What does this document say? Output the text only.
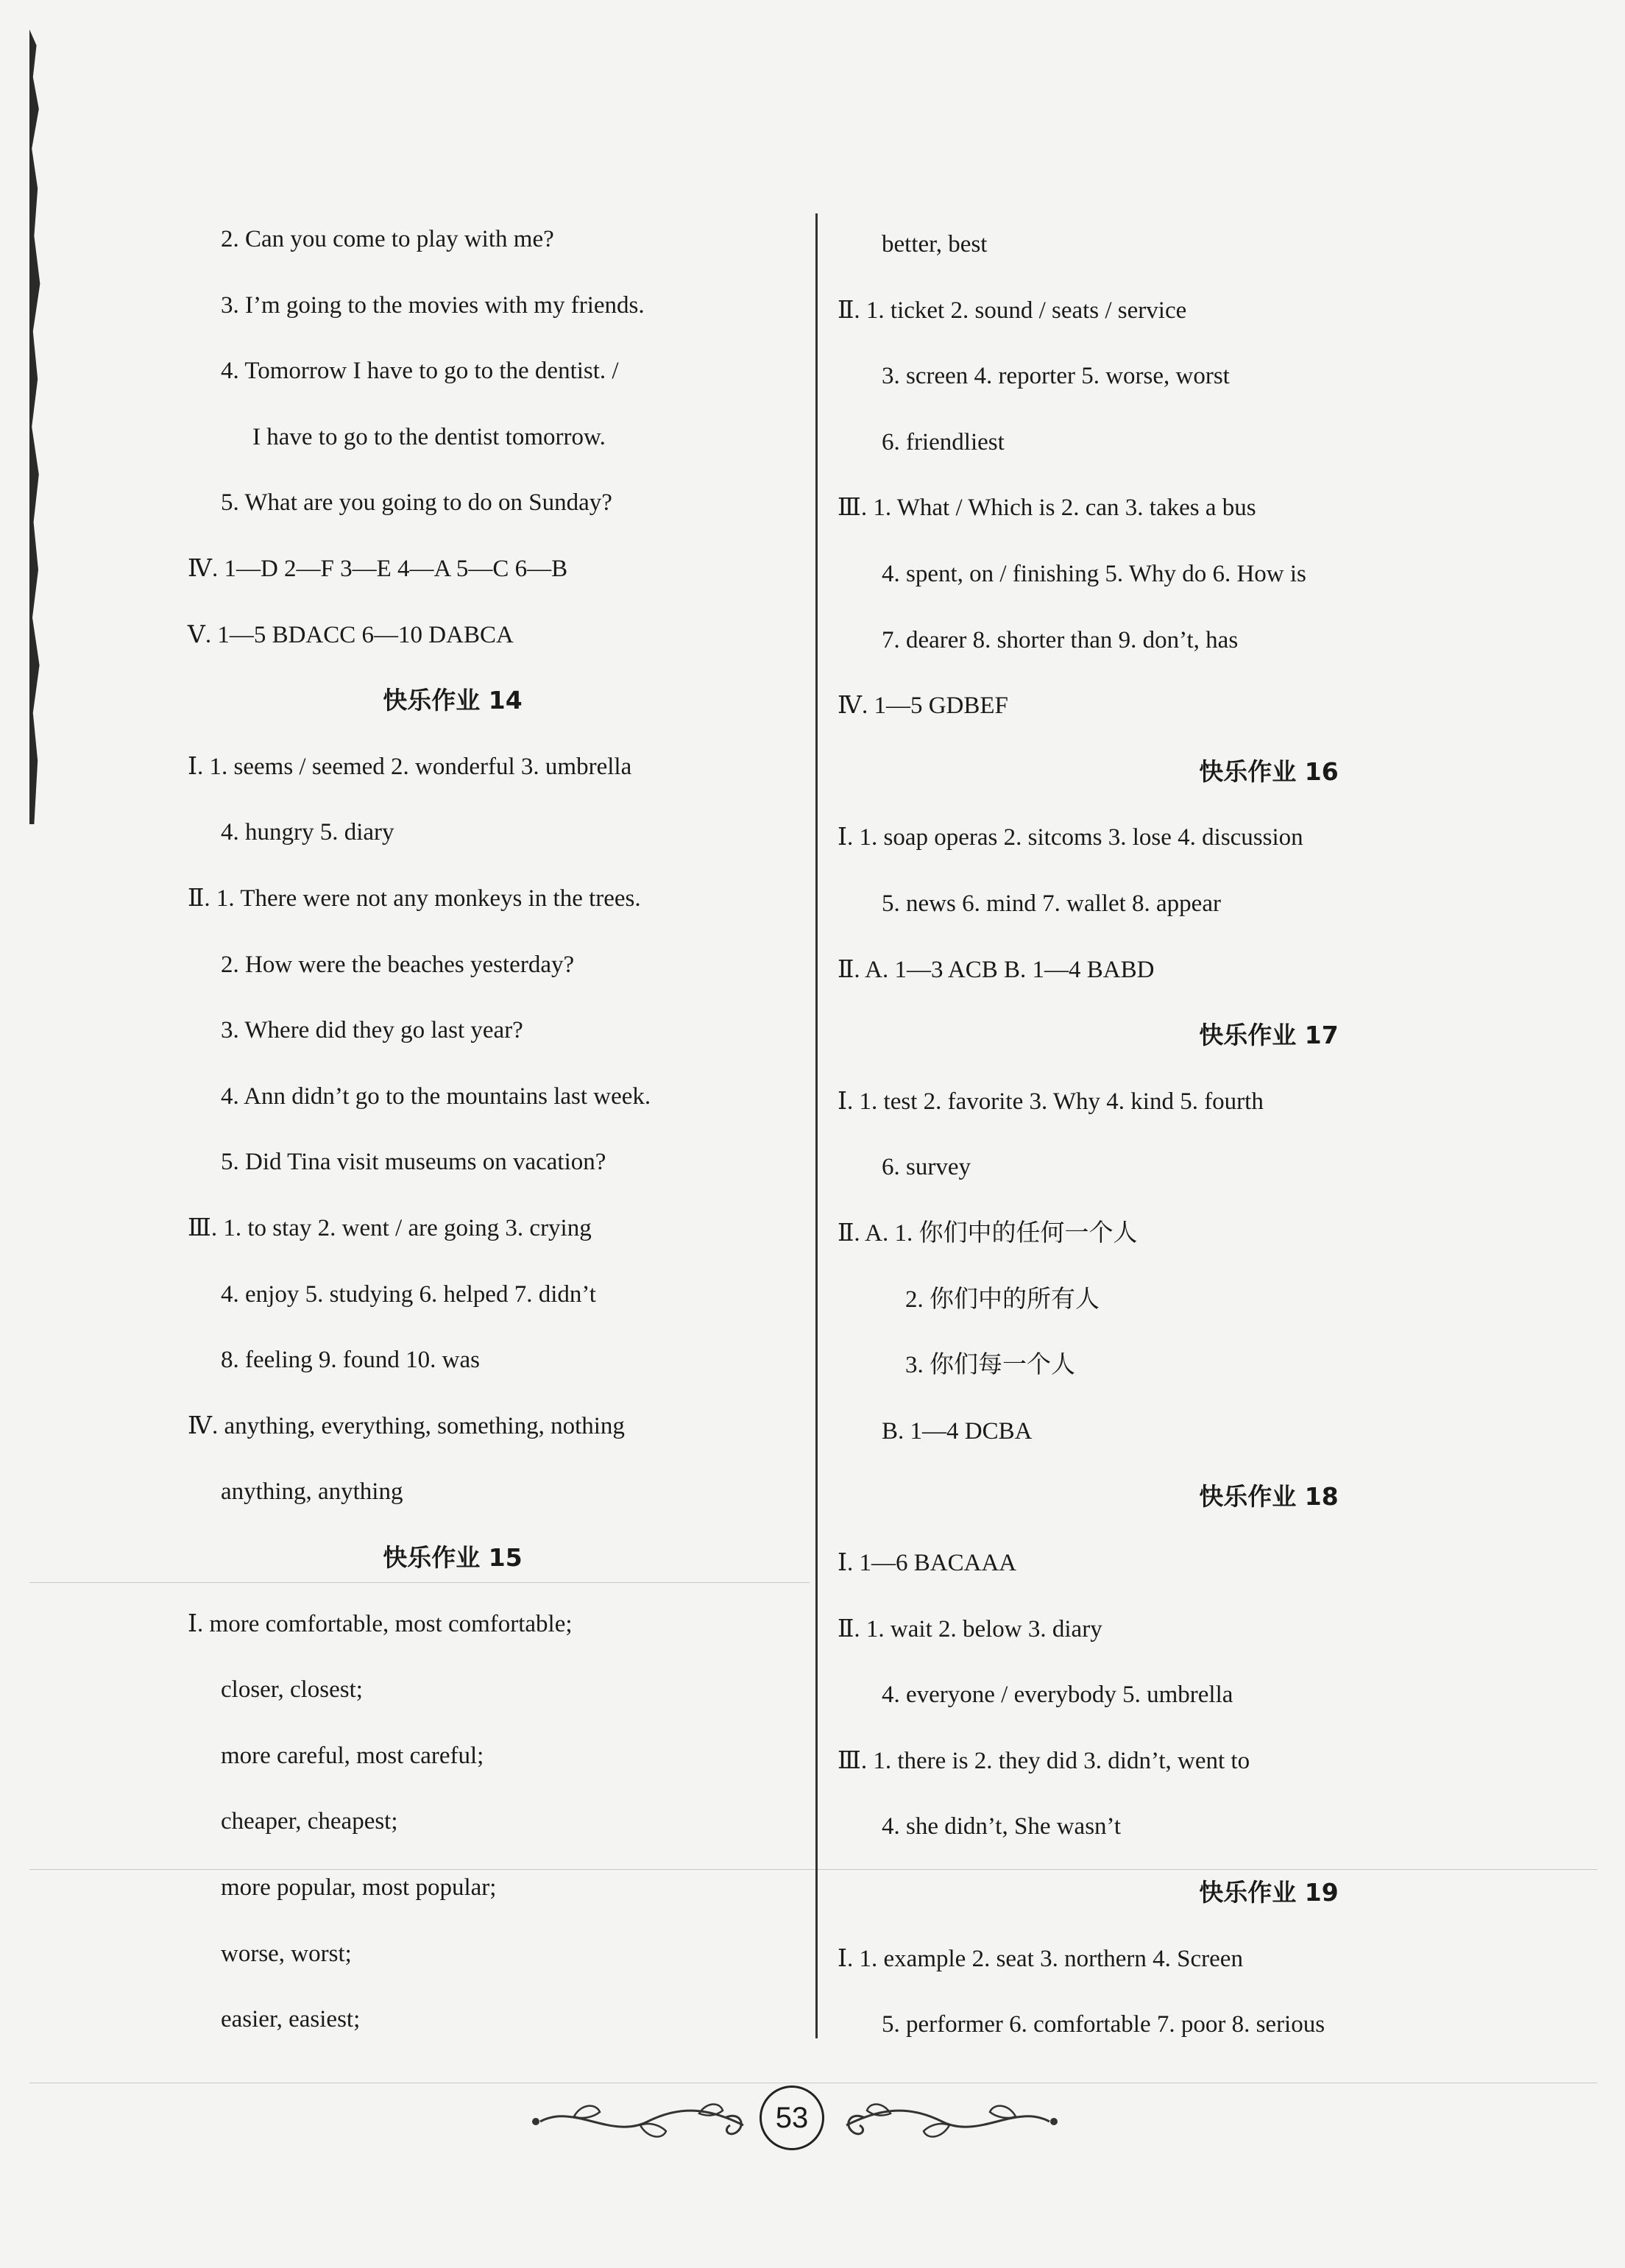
2. Can you come to play with me?
3. I’m going to the movies with my friends.
4. Tomorrow I have to go to the dentist. /
I have to go to the dentist tomorrow.
5. What are you going to do on Sunday?
Ⅳ. 1—D 2—F 3—E 4—A 5—C 6—B
Ⅴ. 1—5 BDACC 6—10 DABCA
快乐作业 14
Ⅰ. 1. seems / seemed 2. wonderful 3. umbrella
4. hungry 5. diary
Ⅱ. 1. There were not any monkeys in the trees.
2. How were the beaches yesterday?
3. Where did they go last year?
4. Ann didn’t go to the mountains last week.
5. Did Tina visit museums on vacation?
Ⅲ. 1. to stay 2. went / are going 3. crying
4. enjoy 5. studying 6. helped 7. didn’t
8. feeling 9. found 10. was
Ⅳ. anything, everything, something, nothing
anything, anything
快乐作业 15
Ⅰ. more comfortable, most comfortable;
closer, closest;
more careful, most careful;
cheaper, cheapest;
more popular, most popular;
worse, worst;
easier, easiest;
better, best
Ⅱ. 1. ticket 2. sound / seats / service
3. screen 4. reporter 5. worse, worst
6. friendliest
Ⅲ. 1. What / Which is 2. can 3. takes a bus
4. spent, on / finishing 5. Why do 6. How is
7. dearer 8. shorter than 9. don’t, has
Ⅳ. 1—5 GDBEF
快乐作业 16
Ⅰ. 1. soap operas 2. sitcoms 3. lose 4. discussion
5. news 6. mind 7. wallet 8. appear
Ⅱ. A. 1—3 ACB B. 1—4 BABD
快乐作业 17
Ⅰ. 1. test 2. favorite 3. Why 4. kind 5. fourth
6. survey
Ⅱ. A. 1. 你们中的任何一个人
2. 你们中的所有人
3. 你们每一个人
B. 1—4 DCBA
快乐作业 18
Ⅰ. 1—6 BACAAA
Ⅱ. 1. wait 2. below 3. diary
4. everyone / everybody 5. umbrella
Ⅲ. 1. there is 2. they did 3. didn’t, went to
4. she didn’t, She wasn’t
快乐作业 19
Ⅰ. 1. example 2. seat 3. northern 4. Screen
5. performer 6. comfortable 7. poor 8. serious
53
